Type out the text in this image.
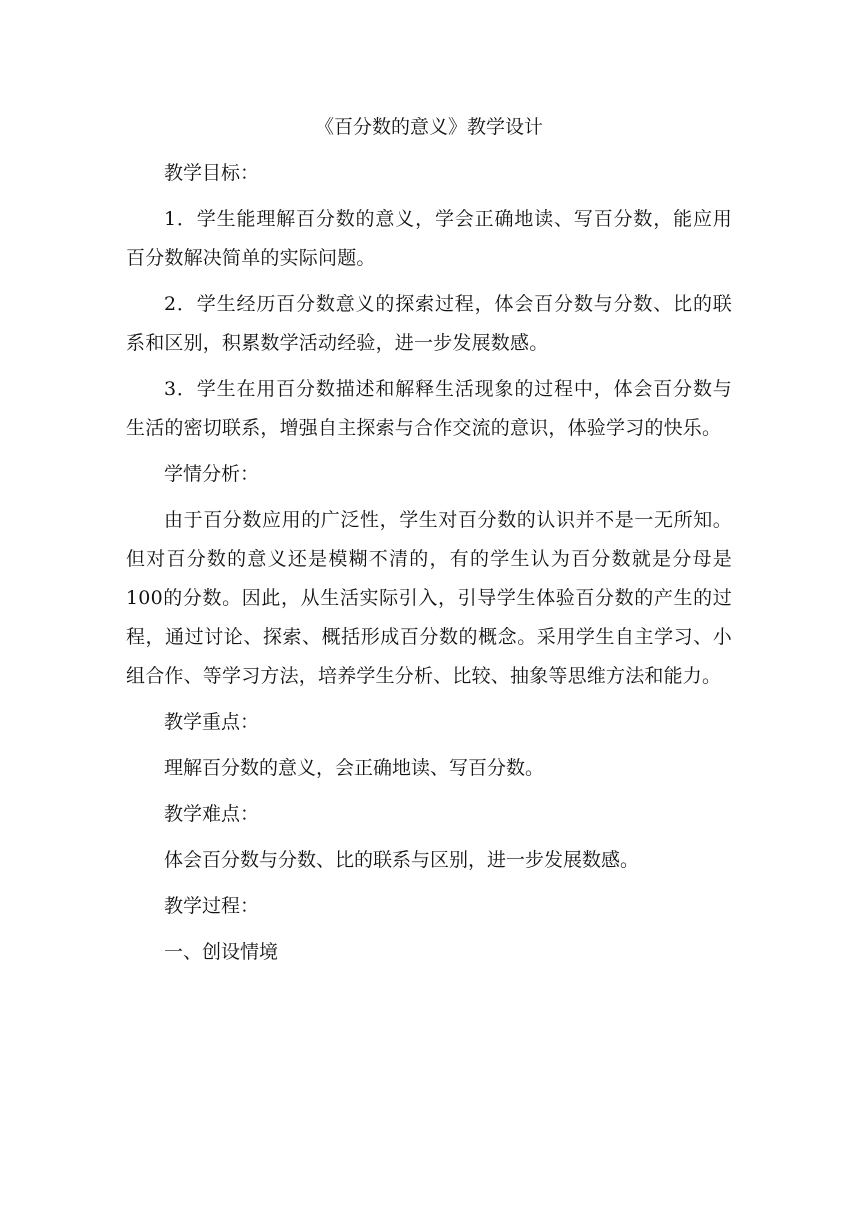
《百分数的意义》教学设计
教学目标：
1．学生能理解百分数的意义，学会正确地读、写百分数，能应用百分数解决简单的实际问题。
2．学生经历百分数意义的探索过程，体会百分数与分数、比的联系和区别，积累数学活动经验，进一步发展数感。
3．学生在用百分数描述和解释生活现象的过程中，体会百分数与生活的密切联系，增强自主探索与合作交流的意识，体验学习的快乐。
学情分析：
由于百分数应用的广泛性，学生对百分数的认识并不是一无所知。但对百分数的意义还是模糊不清的，有的学生认为百分数就是分母是100的分数。因此，从生活实际引入，引导学生体验百分数的产生的过程，通过讨论、探索、概括形成百分数的概念。采用学生自主学习、小组合作、等学习方法，培养学生分析、比较、抽象等思维方法和能力。
教学重点：
理解百分数的意义，会正确地读、写百分数。
教学难点：
体会百分数与分数、比的联系与区别，进一步发展数感。
教学过程：
一、创设情境
